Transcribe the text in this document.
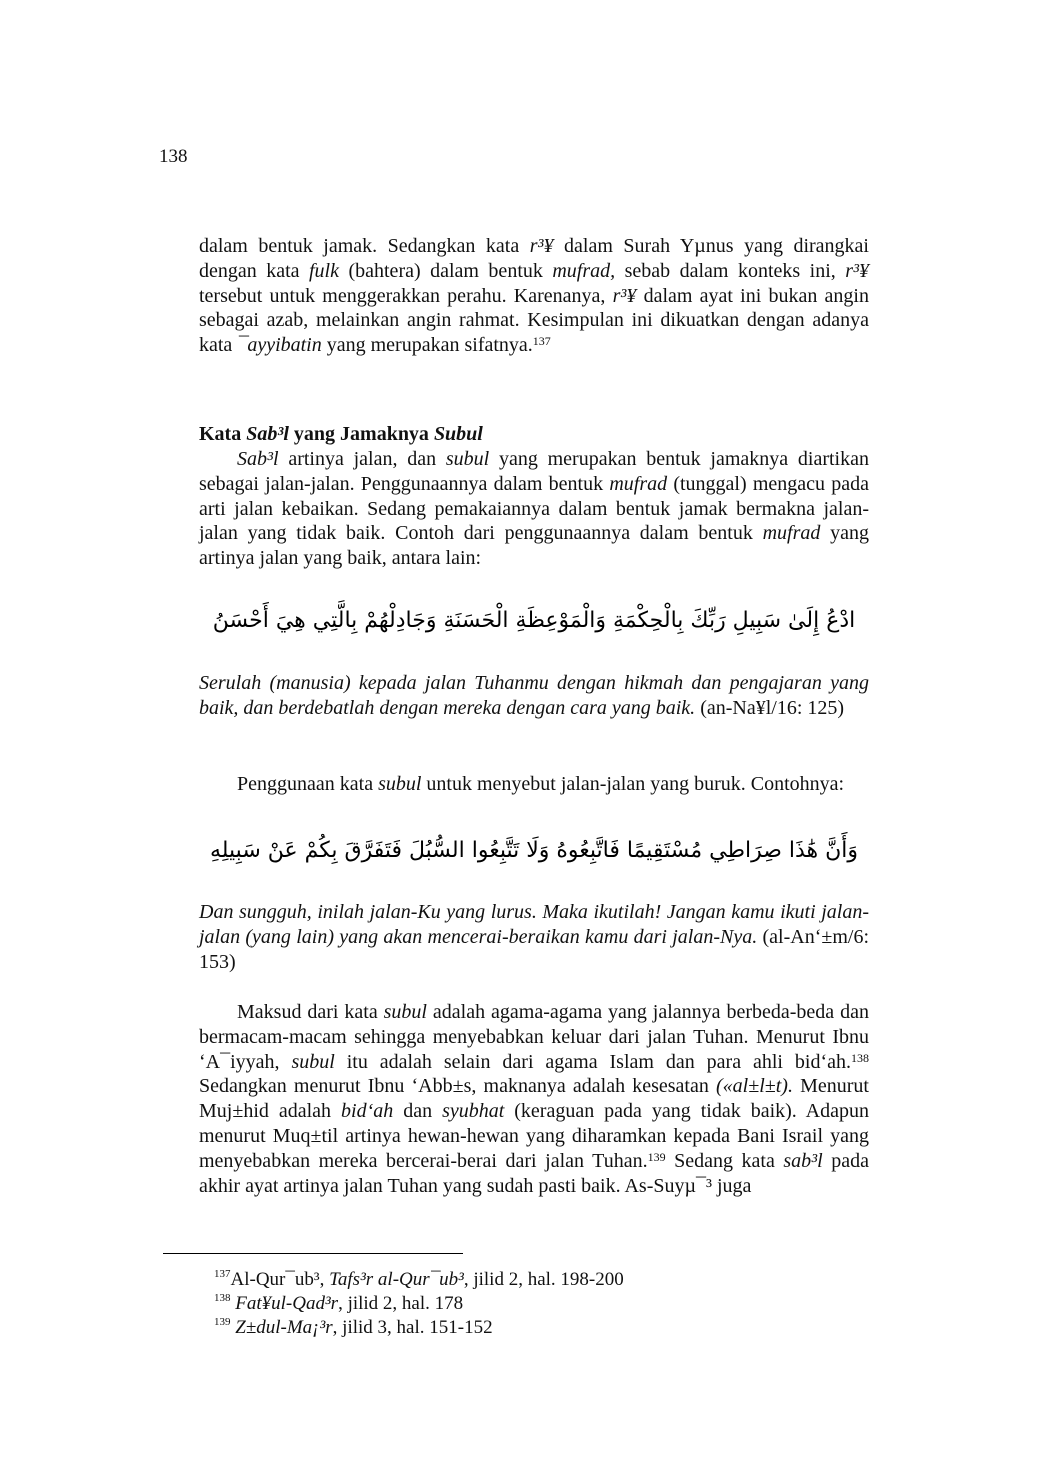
138
dalam bentuk jamak. Sedangkan kata r³¥ dalam Surah Yµnus yang dirangkai dengan kata fulk (bahtera) dalam bentuk mufrad, sebab dalam konteks ini, r³¥ tersebut untuk menggerakkan perahu. Karenanya, r³¥ dalam ayat ini bukan angin sebagai azab, melainkan angin rahmat. Kesimpulan ini dikuatkan dengan adanya kata ¯ayyibatin yang merupakan sifatnya.$^{137}$
Kata Sab³l yang Jamaknya Subul
Sab³l artinya jalan, dan subul yang merupakan bentuk jamaknya diartikan sebagai jalan-jalan. Penggunaannya dalam bentuk mufrad (tunggal) mengacu pada arti jalan kebaikan. Sedang pemakaiannya dalam bentuk jamak bermakna jalan-jalan yang tidak baik. Contoh dari penggunaannya dalam bentuk mufrad yang artinya jalan yang baik, antara lain:
ادْعُ إِلَىٰ سَبِيلِ رَبِّكَ بِالْحِكْمَةِ وَالْمَوْعِظَةِ الْحَسَنَةِ وَجَادِلْهُمْ بِالَّتِي هِيَ أَحْسَنُ
Serulah (manusia) kepada jalan Tuhanmu dengan hikmah dan pengajaran yang baik, dan berdebatlah dengan mereka dengan cara yang baik. (an-Na¥l/16: 125)
Penggunaan kata subul untuk menyebut jalan-jalan yang buruk. Contohnya:
وَأَنَّ هَٰذَا صِرَاطِي مُسْتَقِيمًا فَاتَّبِعُوهُ وَلَا تَتَّبِعُوا السُّبُلَ فَتَفَرَّقَ بِكُمْ عَنْ سَبِيلِهِ
Dan sungguh, inilah jalan-Ku yang lurus. Maka ikutilah! Jangan kamu ikuti jalan-jalan (yang lain) yang akan mencerai-beraikan kamu dari jalan-Nya. (al-An‘±m/6: 153)
Maksud dari kata subul adalah agama-agama yang jalannya berbeda-beda dan bermacam-macam sehingga menyebabkan keluar dari jalan Tuhan. Menurut Ibnu ‘A¯iyyah, subul itu adalah selain dari agama Islam dan para ahli bid‘ah.$^{138}$ Sedangkan menurut Ibnu ‘Abb±s, maknanya adalah kesesatan («al±l±t). Menurut Muj±hid adalah bid‘ah dan syubhat (keraguan pada yang tidak baik). Adapun menurut Muq±til artinya hewan-hewan yang diharamkan kepada Bani Israil yang menyebabkan mereka bercerai-berai dari jalan Tuhan.$^{139}$ Sedang kata sab³l pada akhir ayat artinya jalan Tuhan yang sudah pasti baik. As-Suyµ¯³ juga
$^{137}$Al-Qur¯ub³, Tafs³r al-Qur¯ub³, jilid 2, hal. 198-200
$^{138}$ Fat¥ul-Qad³r, jilid 2, hal. 178
$^{139}$ Z±dul-Ma¡³r, jilid 3, hal. 151-152
